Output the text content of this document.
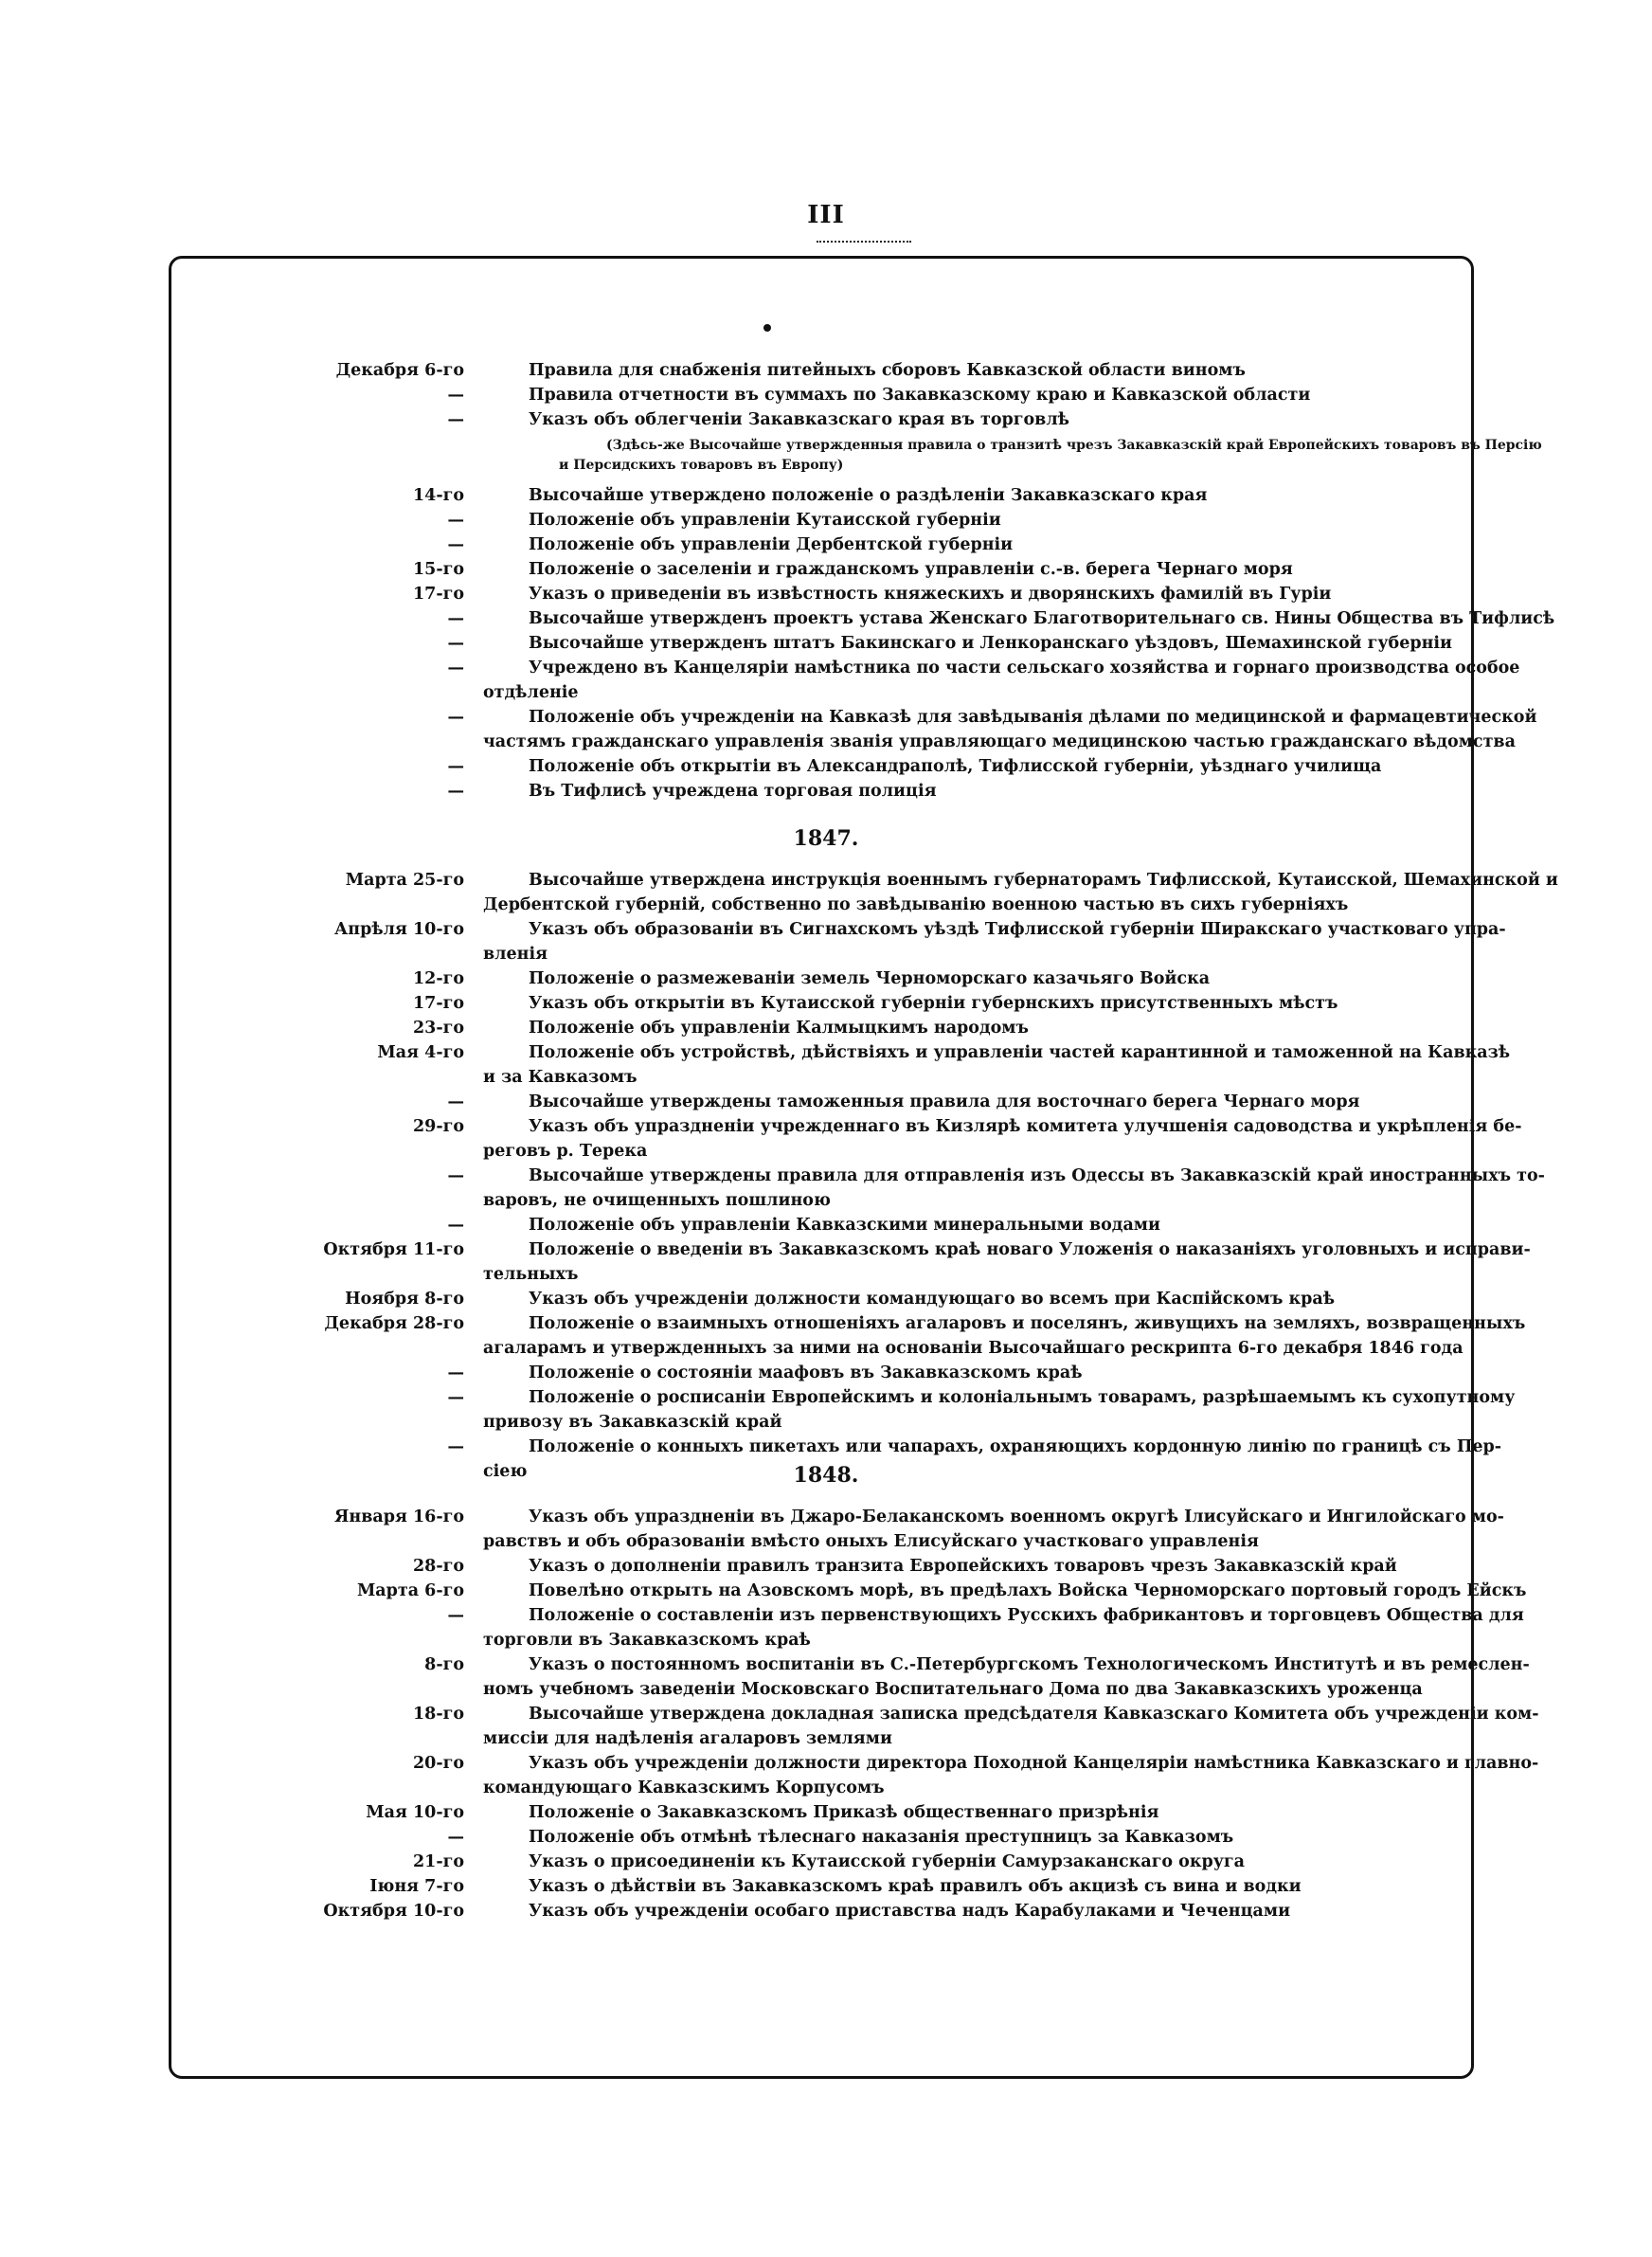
III
Декабря 6-го	Правила для снабженія питейныхъ сборовъ Кавказской области виномъ
—	Правила отчетности въ суммахъ по Закавказскому краю и Кавказской области
—	Указъ объ облегченіи Закавказскаго края въ торговлѣ
(Здѣсь-же Высочайше утвержденныя правила о транзитѣ чрезъ Закавказскій край Европейскихъ товаровъ въ Персію
и Персидскихъ товаровъ въ Европу)
14-го	Высочайше утверждено положеніе о раздѣленіи Закавказскаго края
—	Положеніе объ управленіи Кутаисской губерніи
—	Положеніе объ управленіи Дербентской губерніи
15-го	Положеніе о заселеніи и гражданскомъ управленіи с.-в. берега Чернаго моря
17-го	Указъ о приведеніи въ извѣстность княжескихъ и дворянскихъ фамилій въ Гуріи
—	Высочайше утвержденъ проектъ устава Женскаго Благотворительнаго св. Нины Общества въ Тифлисѣ
—	Высочайше утвержденъ штатъ Бакинскаго и Ленкоранскаго уѣздовъ, Шемахинской губерніи
—	Учреждено въ Канцеляріи намѣстника по части сельскаго хозяйства и горнаго производства особое
отдѣленіе
—	Положеніе объ учрежденіи на Кавказѣ для завѣдыванія дѣлами по медицинской и фармацевтической
частямъ гражданскаго управленія званія управляющаго медицинскою частью гражданскаго вѣдомства
—	Положеніе объ открытіи въ Александраполѣ, Тифлисской губерніи, уѣзднаго училища
—	Въ Тифлисѣ учреждена торговая полиція
1847.
Марта 25-го	Высочайше утверждена инструкція военнымъ губернаторамъ Тифлисской, Кутаисской, Шемахинской и
Дербентской губерній, собственно по завѣдыванію военною частью въ сихъ губерніяхъ
Апрѣля 10-го	Указъ объ образованіи въ Сигнахскомъ уѣздѣ Тифлисской губерніи Ширакскаго участковаго упра-
вленія
12-го	Положеніе о размежеваніи земель Черноморскаго казачьяго Войска
17-го	Указъ объ открытіи въ Кутаисской губерніи губернскихъ присутственныхъ мѣстъ
23-го	Положеніе объ управленіи Калмыцкимъ народомъ
Мая 4-го	Положеніе объ устройствѣ, дѣйствіяхъ и управленіи частей карантинной и таможенной на Кавказѣ
и за Кавказомъ
—	Высочайше утверждены таможенныя правила для восточнаго берега Чернаго моря
29-го	Указъ объ упраздненіи учрежденнаго въ Кизлярѣ комитета улучшенія садоводства и укрѣпленія бе-
реговъ р. Терека
—	Высочайше утверждены правила для отправленія изъ Одессы въ Закавказскій край иностранныхъ то-
варовъ, не очищенныхъ пошлиною
—	Положеніе объ управленіи Кавказскими минеральными водами
Октября 11-го	Положеніе о введеніи въ Закавказскомъ краѣ новаго Уложенія о наказаніяхъ уголовныхъ и исправи-
тельныхъ
Ноября 8-го	Указъ объ учрежденіи должности командующаго во всемъ при Каспійскомъ краѣ
Декабря 28-го	Положеніе о взаимныхъ отношеніяхъ агаларовъ и поселянъ, живущихъ на земляхъ, возвращенныхъ
агаларамъ и утвержденныхъ за ними на основаніи Высочайшаго рескрипта 6-го декабря 1846 года
—	Положеніе о состояніи маафовъ въ Закавказскомъ краѣ
—	Положеніе о росписаніи Европейскимъ и колоніальнымъ товарамъ, разрѣшаемымъ къ сухопутному
привозу въ Закавказскій край
—	Положеніе о конныхъ пикетахъ или чапарахъ, охраняющихъ кордонную линію по границѣ съ Пер-
сіею	1848.
Января 16-го	Указъ объ упраздненіи въ Джаро-Белаканскомъ военномъ округѣ Ілисуйскаго и Ингилойскаго мо-
равствъ и объ образованіи вмѣсто оныхъ Елисуйскаго участковаго управленія
28-го	Указъ о дополненіи правилъ транзита Европейскихъ товаровъ чрезъ Закавказскій край
Марта 6-го	Повелѣно открыть на Азовскомъ морѣ, въ предѣлахъ Войска Черноморскаго портовый городъ Ейскъ
—	Положеніе о составленіи изъ первенствующихъ Русскихъ фабрикантовъ и торговцевъ Общества для
торговли въ Закавказскомъ краѣ
8-го	Указъ о постоянномъ воспитаніи въ С.-Петербургскомъ Технологическомъ Институтѣ и въ ремеслен-
номъ учебномъ заведеніи Московскаго Воспитательнаго Дома по два Закавказскихъ уроженца
18-го	Высочайше утверждена докладная записка предсѣдателя Кавказскаго Комитета объ учрежденіи ком-
миссіи для надѣленія агаларовъ землями
20-го	Указъ объ учрежденіи должности директора Походной Канцеляріи намѣстника Кавказскаго и главно-
командующаго Кавказскимъ Корпусомъ
Мая 10-го	Положеніе о Закавказскомъ Приказѣ общественнаго призрѣнія
—	Положеніе объ отмѣнѣ тѣлеснаго наказанія преступницъ за Кавказомъ
21-го	Указъ о присоединеніи къ Кутаисской губерніи Самурзаканскаго округа
Іюня 7-го	Указъ о дѣйствіи въ Закавказскомъ краѣ правилъ объ акцизѣ съ вина и водки
Октября 10-го	Указъ объ учрежденіи особаго приставства надъ Карабулаками и Чеченцами
